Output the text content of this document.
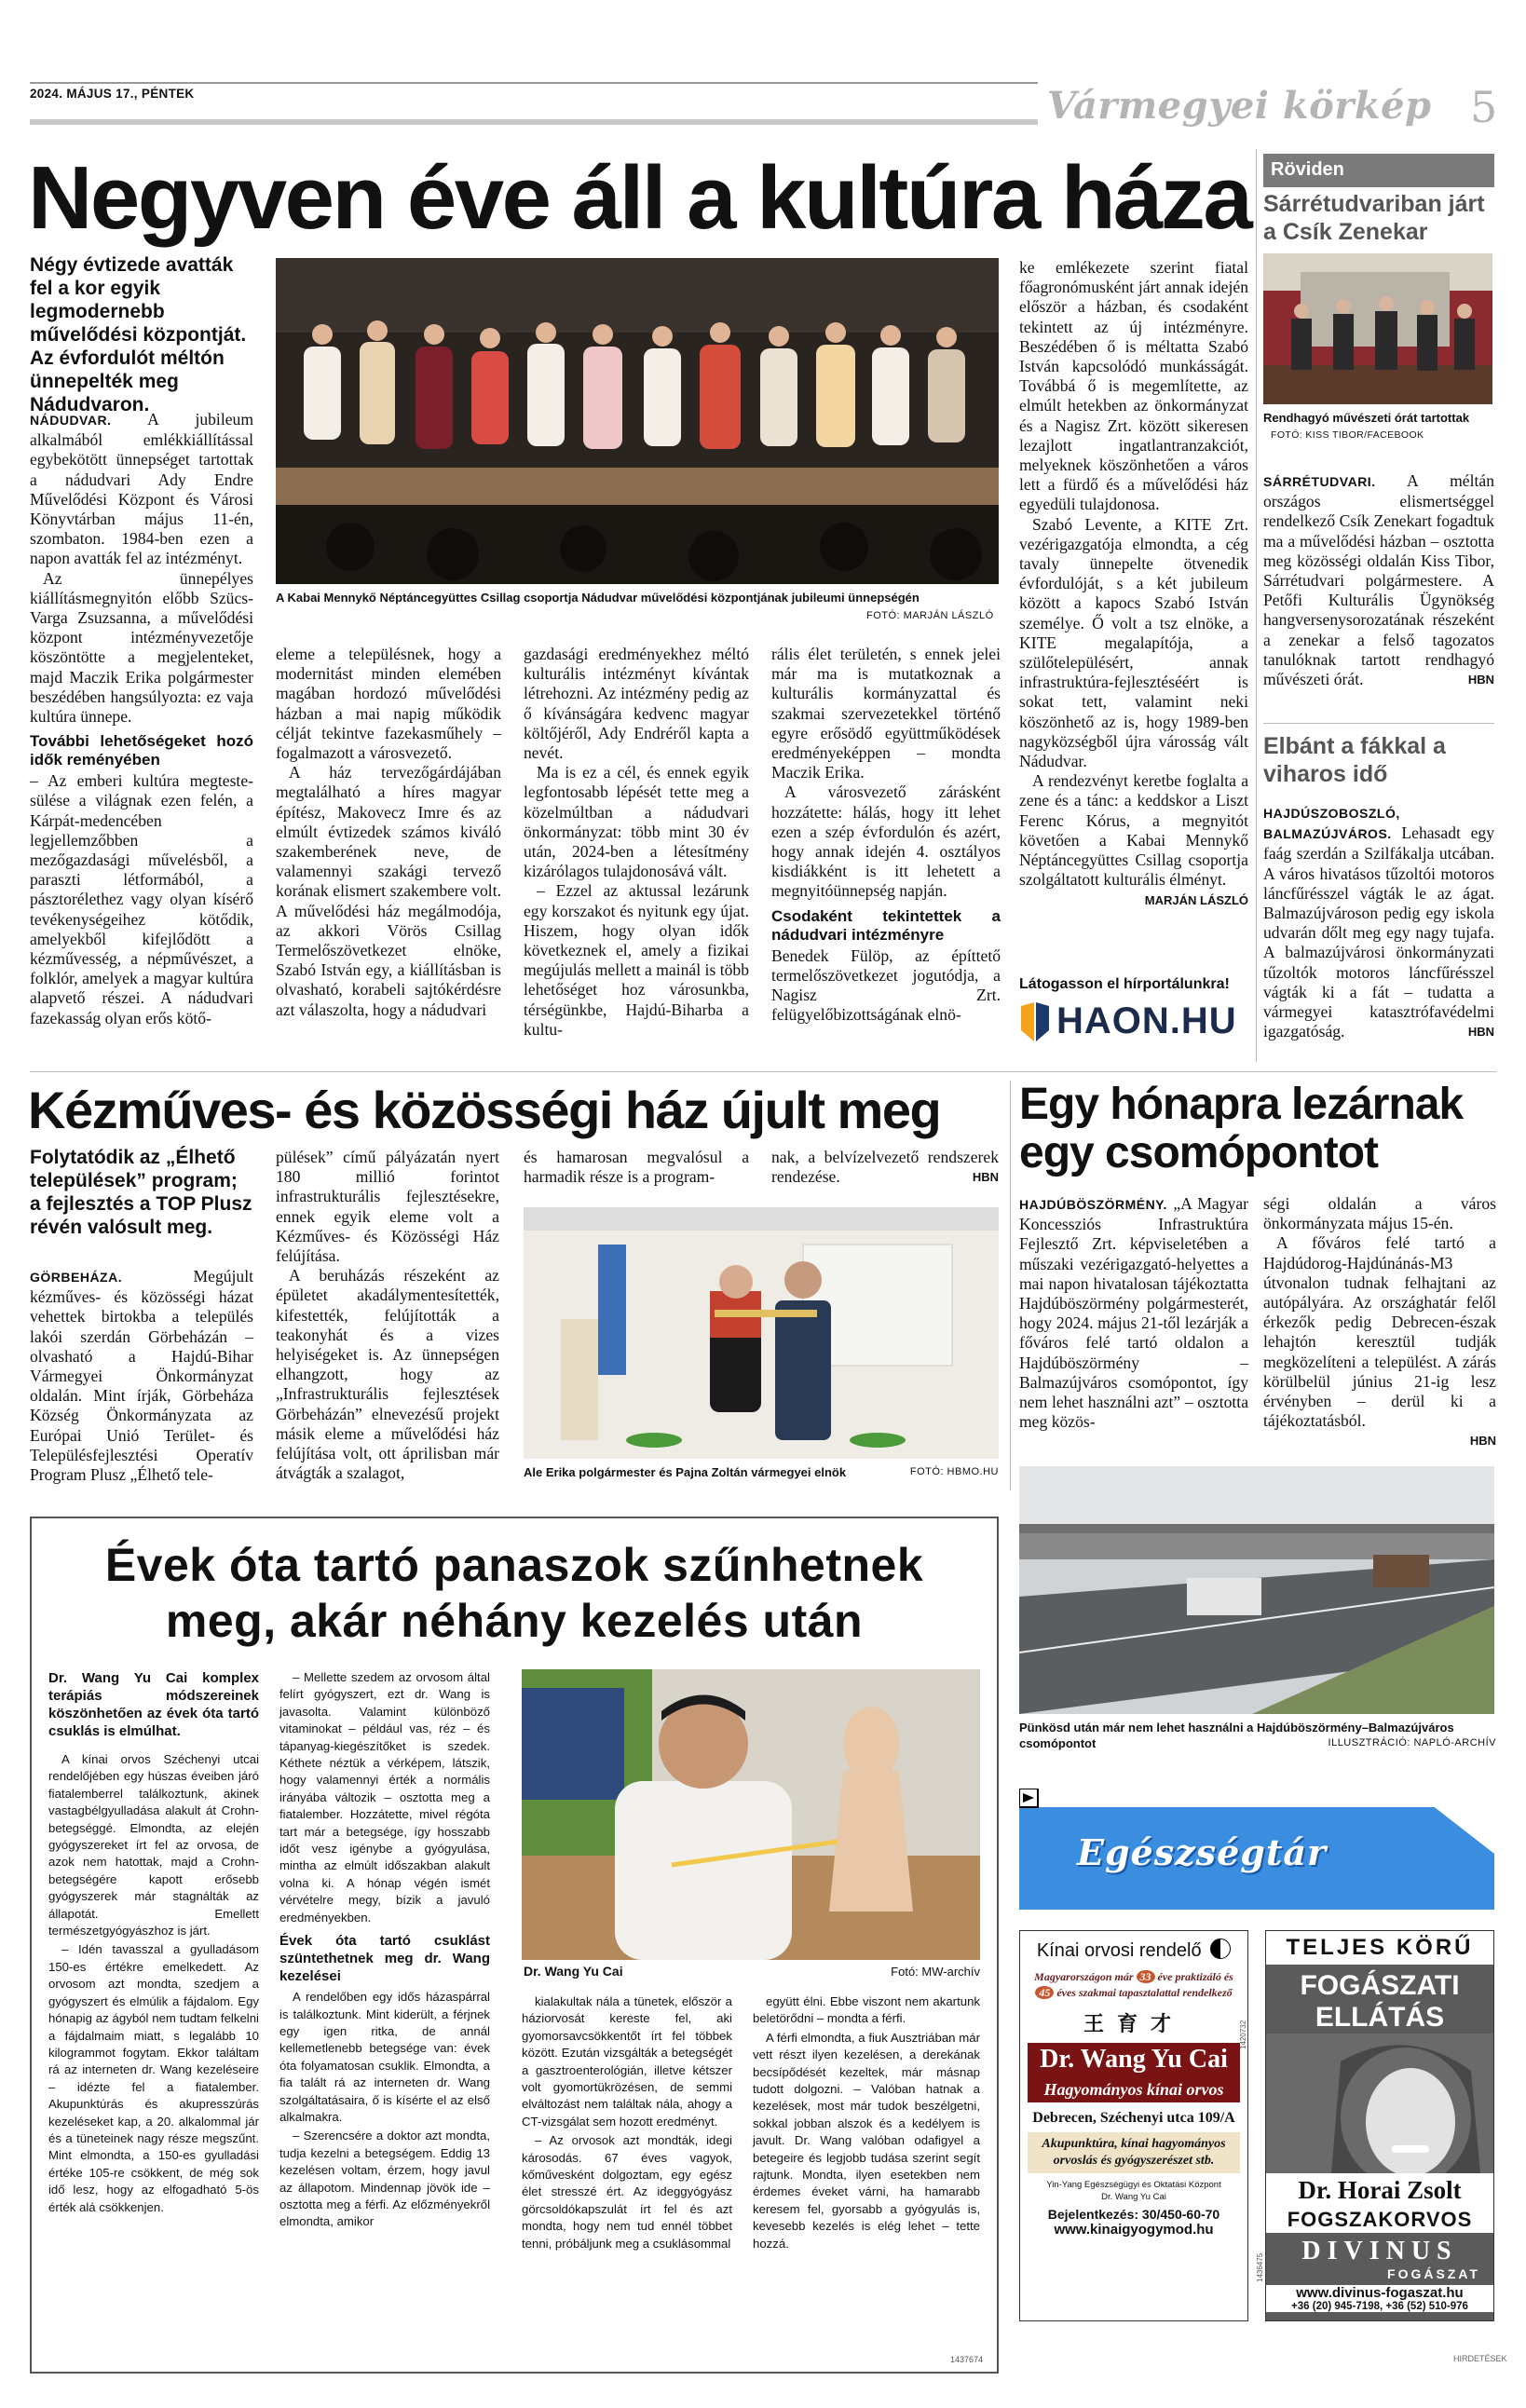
2024. MÁJUS 17., PÉNTEK	Vármegyei körkép 5
Negyven éve áll a kultúra háza
Négy évtizede avatták fel a kor egyik legmodernebb művelődési központját. Az évfordulót méltón ünnepelték meg Nádudvaron.

NÁDUDVAR. A jubileum alkalmából emlékkiállítással egybekötött ünnepséget tartottak a nádudvari Ady Endre Művelődési Központ és Városi Könyvtárban május 11-én, szombaton. 1984-ben ezen a napon avatták fel az intézményt.

Az ünnepélyes kiállításmegnyitón előbb Szücs-Varga Zsuzsanna, a művelődési központ intézményvezetője köszöntötte a megjelenteket, majd Maczik Erika polgármester beszédében hangsúlyozta: ez vaja kultúra ünnepe.

További lehetőségeket hozó idők reményében

– Az emberi kultúra megteste-sülése a világnak ezen felén, a Kárpát-medencében legjellemzőbben a mezőgazdasági művelésből, a paraszti létformából, a pásztorélethez vagy olyan kísérő tevékenységeihez kötődik, amelyekből kifejlődött a kézművesség, a népművészet, a folklór, amelyek a magyar kultúra alapvető részei. A nádudvari fazekasság olyan erős kötő-

A Kabai Mennykő Néptáncegyüttes Csillag csoportja Nádudvar művelődési központjának jubileumi ünnepségén
FOTÓ: MARJÁN LÁSZLÓ

eleme a településnek, hogy a modernitást minden elemében magában hordozó művelődési házban a mai napig működik célját tekintve fazekasműhely – fogalmazott a városvezető.

A ház tervezőgárdájában megtalálható a híres magyar építész, Makovecz Imre és az elmúlt évtizedek számos kiváló szakemberének neve, de valamennyi szakági tervező korának elismert szakembere volt. A művelődési ház megálmodója, az akkori Vörös Csillag Termelőszövetkezet elnöke, Szabó István egy, a kiállításban is olvasható, korabeli sajtókérdésre azt válaszolta, hogy a nádudvari

gazdasági eredményekhez méltó kulturális intézményt kívántak létrehozni. Az intézmény pedig az ő kívánságára kedvenc magyar költőjéről, Ady Endréről kapta a nevét.

Ma is ez a cél, és ennek egyik legfontosabb lépését tette meg a közelmúltban a nádudvari önkormányzat: több mint 30 év után, 2024-ben a létesítmény kizárólagos tulajdonosává vált.

– Ezzel az aktussal lezárunk egy korszakot és nyitunk egy újat. Hiszem, hogy olyan idők következnek el, amely a fizikai megújulás mellett a mainál is több lehetőséget hoz városunkba, térségünkbe, Hajdú-Biharba a kultu-

rális élet területén, s ennek jelei már ma is mutatkoznak a kulturális kormányzattal és szakmai szervezetekkel történő egyre erősödő együttműködések eredményeképpen – mondta Maczik Erika.

A városvezető zárásként hozzátette: hálás, hogy itt lehet ezen a szép évfordulón és azért, hogy annak idején 4. osztályos kisdiákként is itt lehetett a megnyitóünnepség napján.

Csodaként tekintettek a nádudvari intézményre

Benedek Fülöp, az építtető termelőszövetkezet jogutódja, a Nagisz Zrt. felügyelőbizottságának elnö-

ke emlékezete szerint fiatal főagronómusként járt annak idején először a házban, és csodaként tekintett az új intézményre. Beszédében ő is méltatta Szabó István kapcsolódó munkásságát. Továbbá ő is megemlítette, az elmúlt hetekben az önkormányzat és a Nagisz Zrt. között sikeresen lezajlott ingatlantranzakciót, melyeknek köszönhetően a város lett a fürdő és a művelődési ház egyedüli tulajdonosa.

Szabó Levente, a KITE Zrt. vezérigazgatója elmondta, a cég tavaly ünnepelte ötvenedik évfordulóját, s a két jubileum között a kapocs Szabó István személye. Ő volt a tsz elnöke, a KITE megalapítója, a szülőtelepülésért, annak infrastruktúra-fejlesztéséért is sokat tett, valamint neki köszönhető az is, hogy 1989-ben nagyközségből újra városság vált Nádudvar.

A rendezvényt keretbe foglalta a zene és a tánc: a keddskor a Liszt Ferenc Kórus, a megnyitót követően a Kabai Mennykő Néptáncegyüttes Csillag csoportja szolgáltatott kulturális élményt.

MARJÁN LÁSZLÓ

Látogasson el hírportálunkra!
HAON.HU
Röviden
Sárrétudvariban járt a Csík Zenekar
Rendhagyó művészeti órát tartottak FOTÓ: KISS TIBOR/FACEBOOK

SÁRRÉTUDVARI. A méltán országos elismertséggel rendelkező Csík Zenekart fogadtuk ma a művelődési házban – osztotta meg közösségi oldalán Kiss Tibor, Sárrétudvari polgármestere. A Petőfi Kulturális Ügynökség hangversenysorozatának részeként a zenekar a felső tagozatos tanulóknak tartott rendhagyó művészeti órát.	HBN

Elbánt a fákkal a viharos idő

HAJDÚSZOBOSZLÓ, BALMAZÚJVÁROS. Lehasadt egy faág szerdán a Szilfákalja utcában. A város hivatásos tűzoltói motoros láncfűrésszel vágták le az ágat. Balmazújvároson pedig egy iskola udvarán dőlt meg egy nagy tujafa. A balmazújvárosi önkormányzati tűzoltók motoros láncfűrésszel vágták ki a fát – tudatta a vármegyei katasztrófavédelmi igazgatóság.	HBN

Kézműves- és közösségi ház újult meg
Folytatódik az „Élhető települések” program; a fejlesztés a TOP Plusz révén valósult meg.

GÖRBEHÁZA. Megújult kézműves- és közösségi házat vehettek birtokba a település lakói szerdán Görbeházán – olvasható a Hajdú-Bihar Vármegyei Önkormányzat oldalán. Mint írják, Görbeháza Község Önkormányzata az Európai Unió Terület- és Településfejlesztési Operatív Program Plusz „Élhető tele-

pülések” című pályázatán nyert 180 millió forintot infrastrukturális fejlesztésekre, ennek egyik eleme volt a Kézműves- és Közösségi Ház felújítása.

A beruházás részeként az épületet akadálymentesítették, kifestették, felújították a teakonyhát és a vizes helyiségeket is. Az ünnepségen elhangzott, hogy az „Infrastrukturális fejlesztések Görbeházán” elnevezésű projekt másik eleme a művelődési ház felújítása volt, ott áprilisban már átvágták a szalagot,

és hamarosan megvalósul a harmadik része is a program-

nak, a belvízelvezető rendszerek rendezése.	HBN

Ale Erika polgármester és Pajna Zoltán vármegyei elnök	FOTÓ: HBMO.HU
Egy hónapra lezárnak egy csomópontot

HAJDÚBÖSZÖRMÉNY. „A Magyar Koncessziós Infrastruktúra Fejlesztő Zrt. képviseletében a műszaki vezérigazgató-helyettes a mai napon hivatalosan tájékoztatta Hajdúböszörmény polgármesterét, hogy 2024. május 21-től lezárják a főváros felé tartó oldalon a Hajdúböszörmény – Balmazújváros csomópontot, így nem lehet használni azt” – osztotta meg közös-

ségi oldalán a város önkormányzata május 15-én.

A főváros felé tartó a Hajdúdorog-Hajdúnánás-M3 útvonalon tudnak felhajtani az autópályára. Az országhatár felől érkezők pedig Debrecen-észak lehajtón keresztül tudják megközelíteni a települést. A zárás körülbelül június 21-ig lesz érvényben – derül ki a tájékoztatásból.

HBN

Pünkösd után már nem lehet használni a Hajdúböszörmény–Balmazújváros csomópontot	ILLUSZTRÁCIÓ: NAPLÓ-ARCHÍV
Évek óta tartó panaszok szűnhetnek
meg, akár néhány kezelés után

Dr. Wang Yu Cai komplex terápiás módszereinek köszönhetően az évek óta tartó csuklás is elmúlhat.

A kínai orvos Széchenyi utcai rendelőjében egy húszas éveiben járó fiatalemberrel találkoztunk, akinek vastagbélgyulladása alakult át Crohn-betegséggé. Elmondta, az elején gyógyszereket írt fel az orvosa, de azok nem hatottak, majd a Crohn-betegségére kapott erősebb gyógyszerek már stagnálták az állapotát. Emellett természetgyógyászhoz is járt.

– Idén tavasszal a gyulladásom 150-es értékre emelkedett. Az orvosom azt mondta, szedjem a gyógyszert és elmúlik a fájdalom. Egy hónapig az ágyból nem tudtam felkelni a fájdalmaim miatt, s legalább 10 kilogrammot fogytam. Ekkor találtam rá az interneten dr. Wang kezeléseire – idézte fel a fiatalember. Akupunktúrás és akupresszúrás kezeléseket kap, a 20. alkalommal jár és a tüneteinek nagy része megszűnt. Mint elmondta, a 150-es gyulladási értéke 105-re csökkent, de még sok idő lesz, hogy az elfogadható 5-ös érték alá csökkenjen.

– Mellette szedem az orvosom által felírt gyógyszert, ezt dr. Wang is javasolta. Valamint különböző vitaminokat – például vas, réz – és tápanyag-kiegészítőket is szedek. Kéthete néztük a vérképem, látszik, hogy valamennyi érték a normális irányába változik – osztotta meg a fiatalember. Hozzátette, mivel régóta tart már a betegsége, így hosszabb időt vesz igénybe a gyógyulása, mintha az elmúlt időszakban alakult volna ki. A hónap végén ismét vérvételre megy, bízik a javuló eredményekben.

Évek óta tartó csuklást szüntethetnek meg dr. Wang kezelései

A rendelőben egy idős házaspárral is találkoztunk. Mint kiderült, a férjnek egy igen ritka, de annál kellemetlenebb betegsége van: évek óta folyamatosan csuklik. Elmondta, a fia talált rá az interneten dr. Wang szolgáltatásaira, ő is kísérte el az első alkalmakra.

– Szerencsére a doktor azt mondta, tudja kezelni a betegségem. Eddig 13 kezelésen voltam, érzem, hogy javul az állapotom. Mindennap jövök ide – osztotta meg a férfi. Az előzményekről elmondta, amikor

Dr. Wang Yu Cai	Fotó: MW-archív

kialakultak nála a tünetek, először a háziorvosát kereste fel, aki gyomorsavcsökkentőt írt fel többek között. Ezután vizsgálták a betegségét a gasztroenterológián, illetve kétszer volt gyomortükrözésen, de semmi elváltozást nem találtak nála, ahogy a CT-vizsgálat sem hozott eredményt.

– Az orvosok azt mondták, idegi károsodás. 67 éves vagyok, kőművesként dolgoztam, egy egész élet stresszé ért. Az ideggyógyász görcsoldókapszulát írt fel és azt mondta, hogy nem tud ennél többet tenni, próbáljunk meg a csuklásommal

együtt élni. Ebbe viszont nem akartunk beletörődni – mondta a férfi.

A férfi elmondta, a fiuk Ausztriában már vett részt ilyen kezelésen, a derekának becsípődését kezeltek, már másnap tudott dolgozni. – Valóban hatnak a kezelések, most már tudok beszélgetni, sokkal jobban alszok és a kedélyem is javult. Dr. Wang valóban odafigyel a betegeire és legjobb tudása szerint segít rajtunk. Mondta, ilyen esetekben nem érdemes éveket várni, ha hamarabb keresem fel, gyorsabb a gyógyulás is, kevesebb kezelés is elég lehet – tette hozzá.

1437674
Egészségtár
Kínai orvosi rendelő
Magyarországon már 33 éve praktizáló és
45 éves szakmai tapasztalattal rendelkező
王育才
Dr. Wang Yu Cai
Hagyományos kínai orvos
Debrecen, Széchenyi utca 109/A
Akupunktúra, kínai hagyományos orvoslás és gyógyszerészet stb.
Yin-Yang Egészségügyi és Oktatási Központ
Dr. Wang Yu Cai
Bejelentkezés: 30/450-60-70
www.kinaigyogymod.hu
1420732
TELJES KÖRŰ
FOGÁSZATI
ELLÁTÁS
Dr. Horai Zsolt
FOGSZAKORVOS
DIVINUS
FOGÁSZAT
www.divinus-fogaszat.hu
+36 (20) 945-7198, +36 (52) 510-976
1436475
HIRDETÉSEK
